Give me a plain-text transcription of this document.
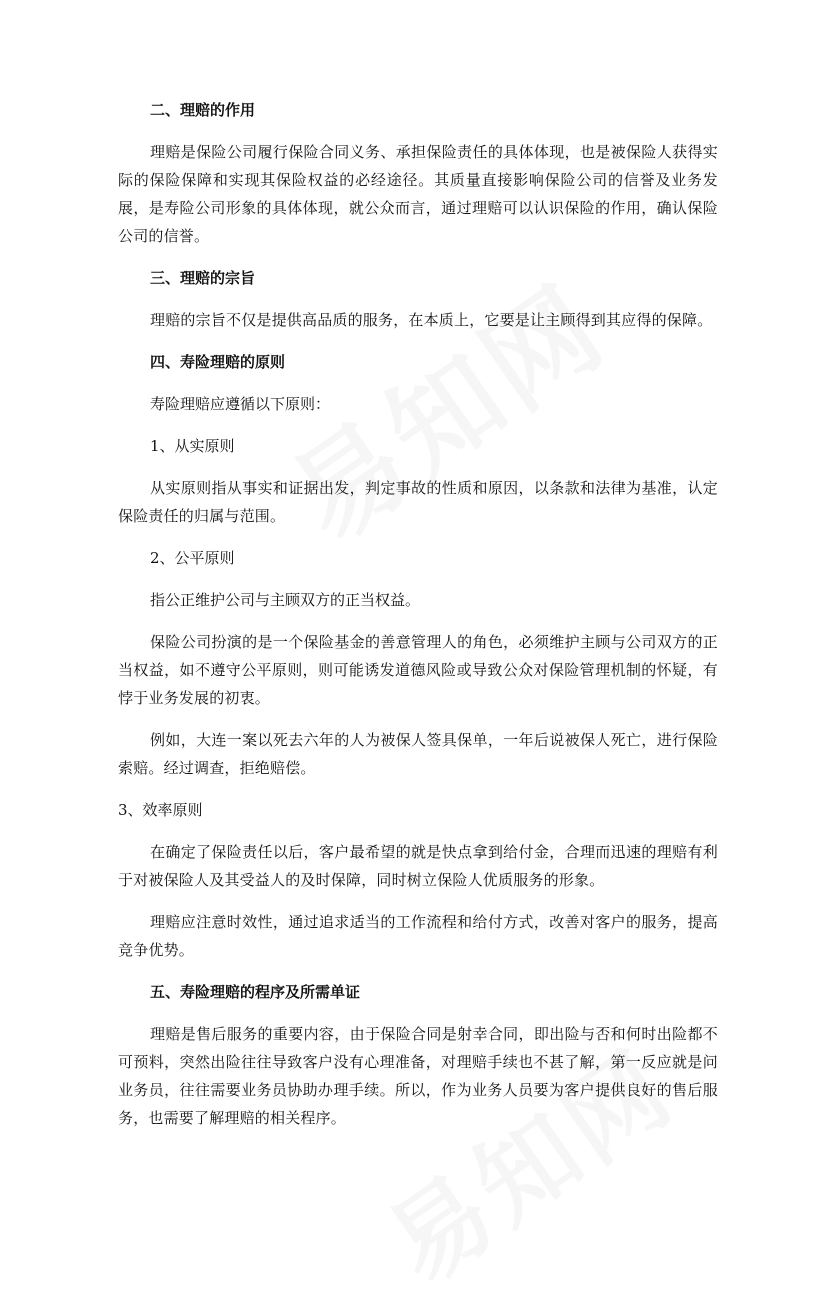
二、理赔的作用

理赔是保险公司履行保险合同义务、承担保险责任的具体体现，也是被保险人获得实际的保险保障和实现其保险权益的必经途径。其质量直接影响保险公司的信誉及业务发展，是寿险公司形象的具体体现，就公众而言，通过理赔可以认识保险的作用，确认保险公司的信誉。

三、理赔的宗旨

理赔的宗旨不仅是提供高品质的服务，在本质上，它要是让主顾得到其应得的保障。

四、寿险理赔的原则

寿险理赔应遵循以下原则：

1、从实原则

从实原则指从事实和证据出发，判定事故的性质和原因，以条款和法律为基准，认定保险责任的归属与范围。

2、公平原则

指公正维护公司与主顾双方的正当权益。

保险公司扮演的是一个保险基金的善意管理人的角色，必须维护主顾与公司双方的正当权益，如不遵守公平原则，则可能诱发道德风险或导致公众对保险管理机制的怀疑，有悖于业务发展的初衷。

例如，大连一案以死去六年的人为被保人签具保单，一年后说被保人死亡，进行保险索赔。经过调查，拒绝赔偿。

3、效率原则

在确定了保险责任以后，客户最希望的就是快点拿到给付金，合理而迅速的理赔有利于对被保险人及其受益人的及时保障，同时树立保险人优质服务的形象。

理赔应注意时效性，通过追求适当的工作流程和给付方式，改善对客户的服务，提高竞争优势。

五、寿险理赔的程序及所需单证

理赔是售后服务的重要内容，由于保险合同是射幸合同，即出险与否和何时出险都不可预料，突然出险往往导致客户没有心理准备，对理赔手续也不甚了解，第一反应就是问业务员，往往需要业务员协助办理手续。所以，作为业务人员要为客户提供良好的售后服务，也需要了解理赔的相关程序。
